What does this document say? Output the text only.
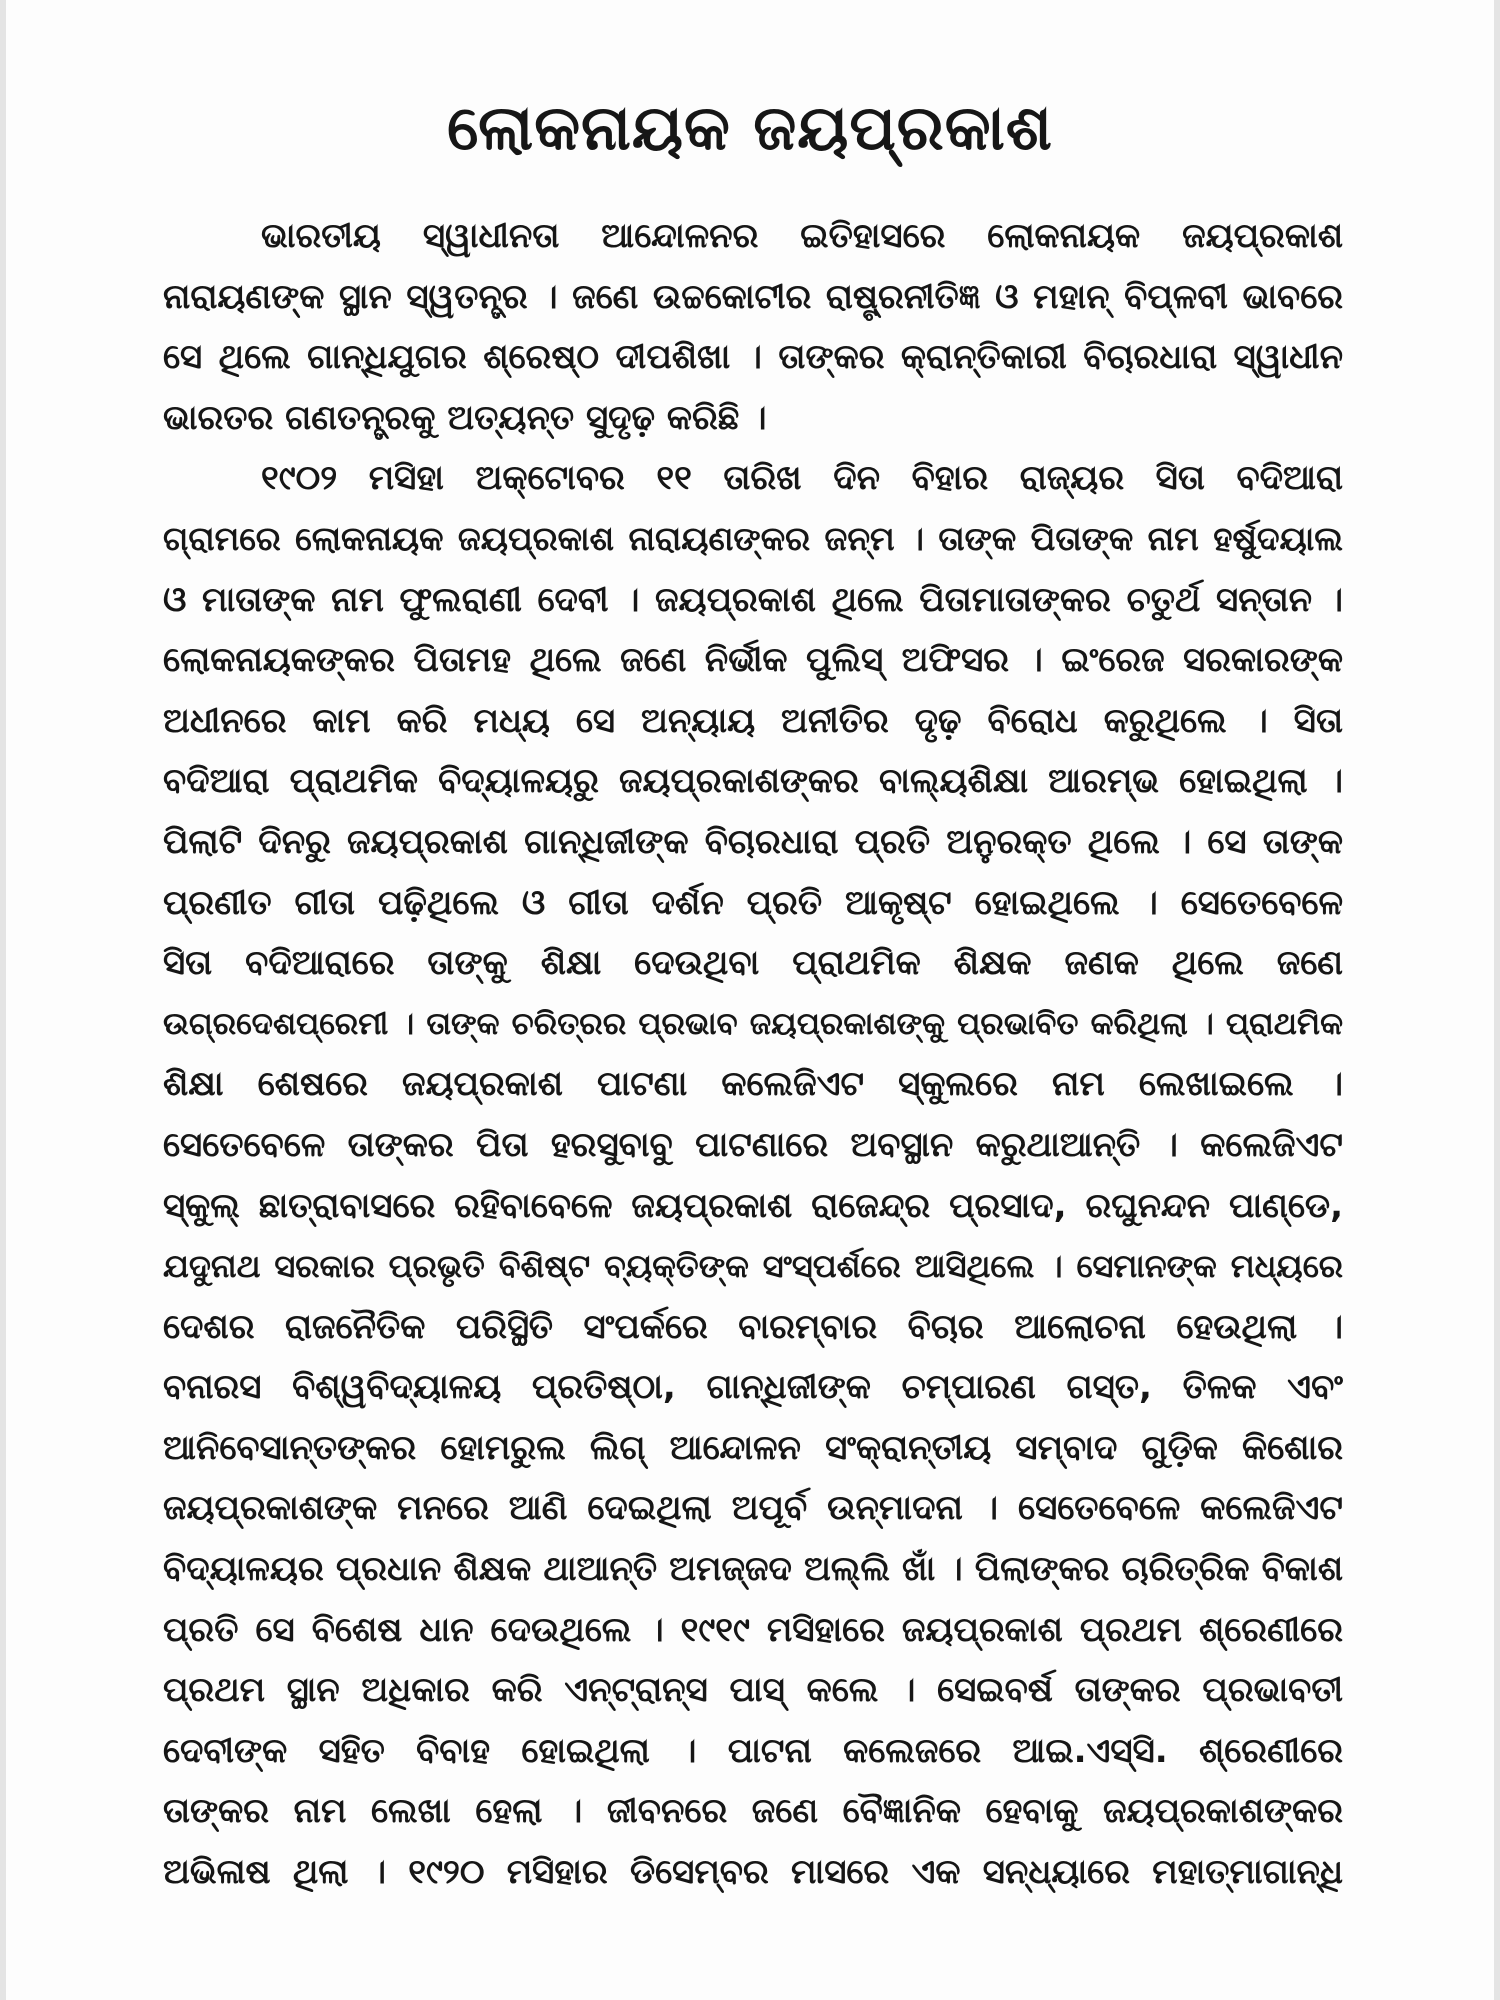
ଲୋକନାୟକ ଜୟପ୍ରକାଶ
ଭାରତୀୟ ସ୍ୱାଧୀନତା ଆନ୍ଦୋଳନର ଇତିହାସରେ ଲୋକନାୟକ ଜୟପ୍ରକାଶ
ନାରାୟଣଙ୍କ ସ୍ଥାନ ସ୍ୱତନ୍ତ୍ର । ଜଣେ ଉଚ୍ଚକୋଟୀର ରାଷ୍ଟ୍ରନୀତିଜ୍ଞ ଓ ମହାନ୍ ବିପ୍ଳବୀ ଭାବରେ
ସେ ଥିଲେ ଗାନ୍ଧିଯୁଗର ଶ୍ରେଷ୍ଠ ଦୀପଶିଖା । ତାଙ୍କର କ୍ରାନ୍ତିକାରୀ ବିଚାରଧାରା ସ୍ୱାଧୀନ
ଭାରତର ଗଣତନ୍ତ୍ରକୁ ଅତ୍ୟନ୍ତ ସୁଦୃଢ଼ କରିଛି ।
୧୯୦୨ ମସିହା ଅକ୍ଟୋବର ୧୧ ତାରିଖ ଦିନ ବିହାର ରାଜ୍ୟର ସିତା ବଦିଆରା
ଗ୍ରାମରେ ଲୋକନାୟକ ଜୟପ୍ରକାଶ ନାରାୟଣଙ୍କର ଜନ୍ମ । ତାଙ୍କ ପିତାଙ୍କ ନାମ ହର୍ଷୁଦୟାଲ
ଓ ମାତାଙ୍କ ନାମ ଫୁଲରାଣୀ ଦେବୀ । ଜୟପ୍ରକାଶ ଥିଲେ ପିତାମାତାଙ୍କର ଚତୁର୍ଥ ସନ୍ତାନ ।
ଲୋକନାୟକଙ୍କର ପିତାମହ ଥିଲେ ଜଣେ ନିର୍ଭୀକ ପୁଲିସ୍ ଅଫିସର । ଇଂରେଜ ସରକାରଙ୍କ
ଅଧୀନରେ କାମ କରି ମଧ୍ୟ ସେ ଅନ୍ୟାୟ ଅନୀତିର ଦୃଢ଼ ବିରୋଧ କରୁଥିଲେ । ସିତା
ବଦିଆରା ପ୍ରାଥମିକ ବିଦ୍ୟାଳୟରୁ ଜୟପ୍ରକାଶଙ୍କର ବାଲ୍ୟଶିକ୍ଷା ଆରମ୍ଭ ହୋଇଥିଲା ।
ପିଲାଟି ଦିନରୁ ଜୟପ୍ରକାଶ ଗାନ୍ଧିଜୀଙ୍କ ବିଚାରଧାରା ପ୍ରତି ଅନୁରକ୍ତ ଥିଲେ । ସେ ତାଙ୍କ
ପ୍ରଣୀତ ଗୀତା ପଢ଼ିଥିଲେ ଓ ଗୀତା ଦର୍ଶନ ପ୍ରତି ଆକୃଷ୍ଟ ହୋଇଥିଲେ । ସେତେବେଳେ
ସିତା ବଦିଆରାରେ ତାଙ୍କୁ ଶିକ୍ଷା ଦେଉଥିବା ପ୍ରାଥମିକ ଶିକ୍ଷକ ଜଣକ ଥିଲେ ଜଣେ
ଉଗ୍ରଦେଶପ୍ରେମୀ । ତାଙ୍କ ଚରିତ୍ରର ପ୍ରଭାବ ଜୟପ୍ରକାଶଙ୍କୁ ପ୍ରଭାବିତ କରିଥିଲା । ପ୍ରାଥମିକ
ଶିକ୍ଷା ଶେଷରେ ଜୟପ୍ରକାଶ ପାଟଣା କଲେଜିଏଟ ସ୍କୁଲରେ ନାମ ଲେଖାଇଲେ ।
ସେତେବେଳେ ତାଙ୍କର ପିତା ହରସୁବାବୁ ପାଟଣାରେ ଅବସ୍ଥାନ କରୁଥାଆନ୍ତି । କଲେଜିଏଟ
ସ୍କୁଲ୍ ଛାତ୍ରାବାସରେ ରହିବାବେଳେ ଜୟପ୍ରକାଶ ରାଜେନ୍ଦ୍ର ପ୍ରସାଦ, ରଘୁନନ୍ଦନ ପାଣ୍ଡେ,
ଯଦୁନାଥ ସରକାର ପ୍ରଭୃତି ବିଶିଷ୍ଟ ବ୍ୟକ୍ତିଙ୍କ ସଂସ୍ପର୍ଶରେ ଆସିଥିଲେ । ସେମାନଙ୍କ ମଧ୍ୟରେ
ଦେଶର ରାଜନୈତିକ ପରିସ୍ଥିତି ସଂପର୍କରେ ବାରମ୍ବାର ବିଚାର ଆଲୋଚନା ହେଉଥିଲା ।
ବନାରସ ବିଶ୍ୱବିଦ୍ୟାଳୟ ପ୍ରତିଷ୍ଠା, ଗାନ୍ଧିଜୀଙ୍କ ଚମ୍ପାରଣ ଗସ୍ତ, ତିଳକ ଏବଂ
ଆନିବେସାନ୍ତଙ୍କର ହୋମରୁଲ ଲିଗ୍ ଆନ୍ଦୋଳନ ସଂକ୍ରାନ୍ତୀୟ ସମ୍ବାଦ ଗୁଡ଼ିକ କିଶୋର
ଜୟପ୍ରକାଶଙ୍କ ମନରେ ଆଣି ଦେଇଥିଲା ଅପୂର୍ବ ଉନ୍ମାଦନା । ସେତେବେଳେ କଲେଜିଏଟ
ବିଦ୍ୟାଳୟର ପ୍ରଧାନ ଶିକ୍ଷକ ଥାଆନ୍ତି ଅମଜ୍ଜଦ ଅଲ୍ଲି ଖାଁ । ପିଲାଙ୍କର ଚାରିତ୍ରିକ ବିକାଶ
ପ୍ରତି ସେ ବିଶେଷ ଧାନ ଦେଉଥିଲେ । ୧୯୧୯ ମସିହାରେ ଜୟପ୍ରକାଶ ପ୍ରଥମ ଶ୍ରେଣୀରେ
ପ୍ରଥମ ସ୍ଥାନ ଅଧିକାର କରି ଏନ୍‌ଟ୍ରାନ୍‌ସ ପାସ୍ କଲେ । ସେଇବର୍ଷ ତାଙ୍କର ପ୍ରଭାବତୀ
ଦେବୀଙ୍କ ସହିତ ବିବାହ ହୋଇଥିଲା । ପାଟନା କଲେଜରେ ଆଇ.ଏସ୍‌ସି. ଶ୍ରେଣୀରେ
ତାଙ୍କର ନାମ ଲେଖା ହେଲା । ଜୀବନରେ ଜଣେ ବୈଜ୍ଞାନିକ ହେବାକୁ ଜୟପ୍ରକାଶଙ୍କର
ଅଭିଳାଷ ଥିଲା । ୧୯୨୦ ମସିହାର ଡିସେମ୍ବର ମାସରେ ଏକ ସନ୍ଧ୍ୟାରେ ମହାତ୍ମାଗାନ୍ଧି
